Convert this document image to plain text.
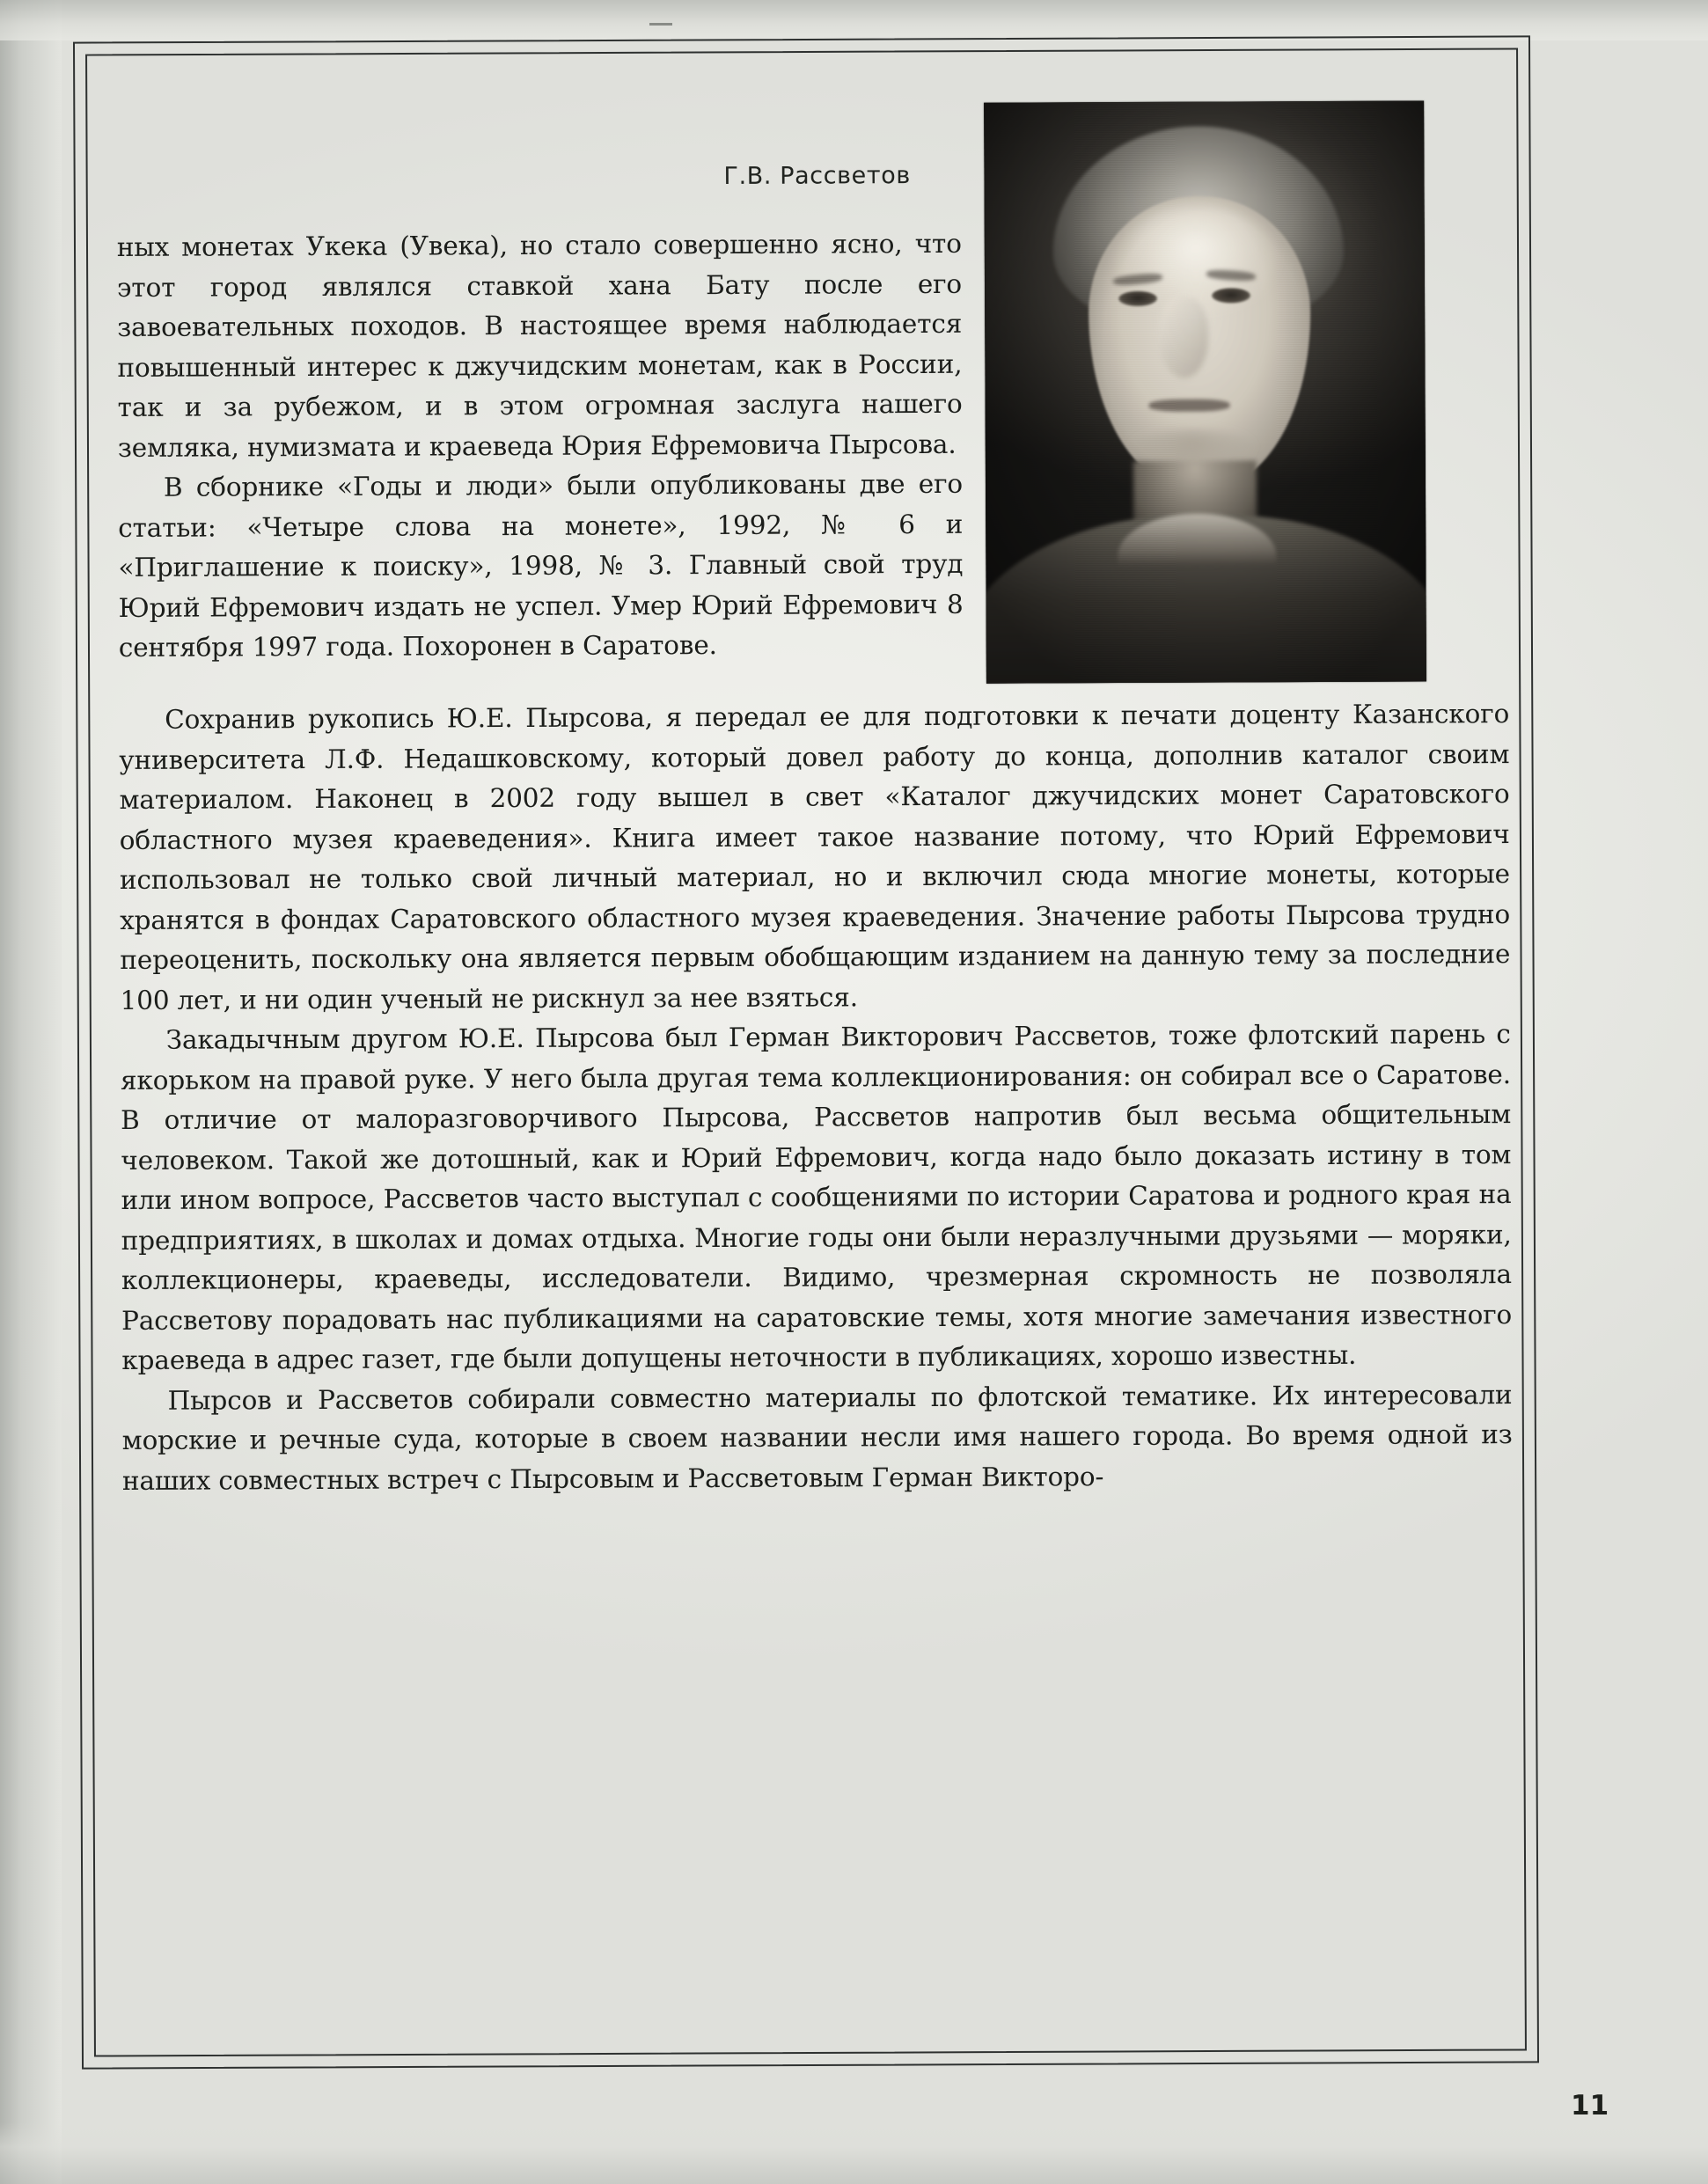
Г.В. Рассветов

ных монетах Укека (Увека), но стало совершенно ясно, что этот город являлся ставкой хана Бату после его завоевательных походов. В настоящее время наблюдается повышенный интерес к джучидским монетам, как в России, так и за рубежом, и в этом огромная заслуга нашего земляка, нумизмата и краеведа Юрия Ефремовича Пырсова.

В сборнике «Годы и люди» были опубликованы две его статьи: «Четыре слова на монете», 1992, № 6 и «Приглашение к поиску», 1998, № 3. Главный свой труд Юрий Ефремович издать не успел. Умер Юрий Ефремович 8 сентября 1997 года. Похоронен в Саратове.

Сохранив рукопись Ю.Е. Пырсова, я передал ее для подготовки к печати доценту Казанского университета Л.Ф. Недашковскому, который довел работу до конца, дополнив каталог своим материалом. Наконец в 2002 году вышел в свет «Каталог джучидских монет Саратовского областного музея краеведения». Книга имеет такое название потому, что Юрий Ефремович использовал не только свой личный материал, но и включил сюда многие монеты, которые хранятся в фондах Саратовского областного музея краеведения. Значение работы Пырсова трудно переоценить, поскольку она является первым обобщающим изданием на данную тему за последние 100 лет, и ни один ученый не рискнул за нее взяться.

Закадычным другом Ю.Е. Пырсова был Герман Викторович Рассветов, тоже флотский парень с якорьком на правой руке. У него была другая тема коллекционирования: он собирал все о Саратове. В отличие от малоразговорчивого Пырсова, Рассветов напротив был весьма общительным человеком. Такой же дотошный, как и Юрий Ефремович, когда надо было доказать истину в том или ином вопросе, Рассветов часто выступал с сообщениями по истории Саратова и родного края на предприятиях, в школах и домах отдыха. Многие годы они были неразлучными друзьями — моряки, коллекционеры, краеведы, исследователи. Видимо, чрезмерная скромность не позволяла Рассветову порадовать нас публикациями на саратовские темы, хотя многие замечания известного краеведа в адрес газет, где были допущены неточности в публикациях, хорошо известны.

Пырсов и Рассветов собирали совместно материалы по флотской тематике. Их интересовали морские и речные суда, которые в своем названии несли имя нашего города. Во время одной из наших совместных встреч с Пырсовым и Рассветовым Герман Викторо-

11
